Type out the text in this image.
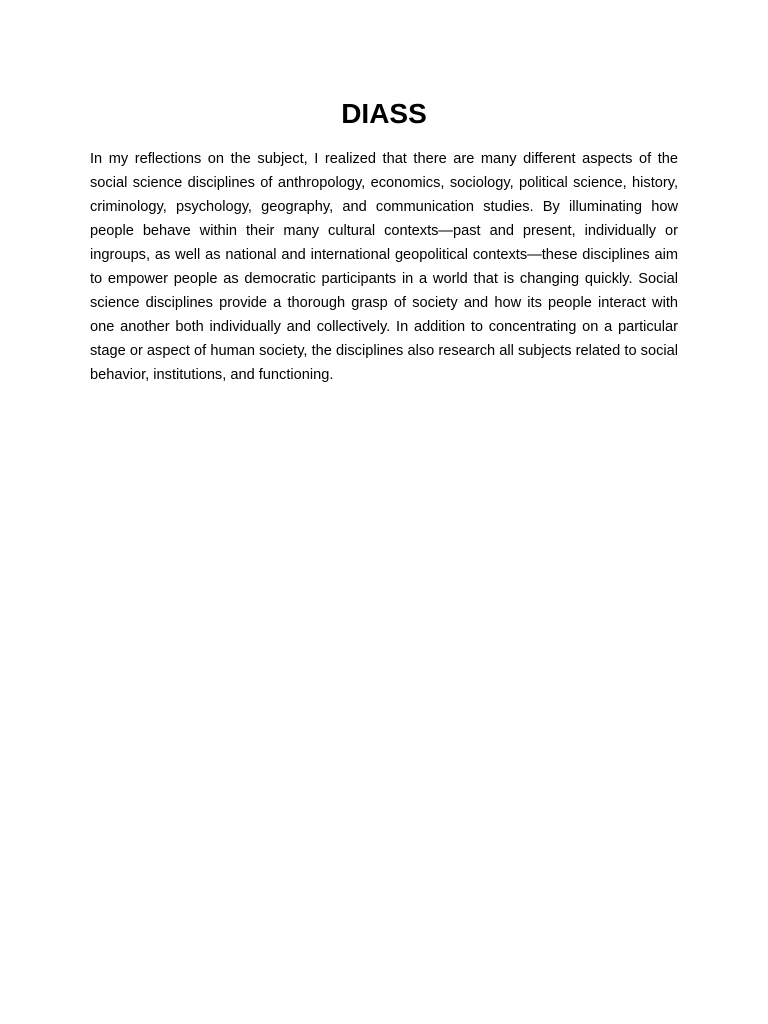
DIASS

In my reflections on the subject, I realized that there are many different aspects of the social science disciplines of anthropology, economics, sociology, political science, history, criminology, psychology, geography, and communication studies. By illuminating how people behave within their many cultural contexts—past and present, individually or ingroups, as well as national and international geopolitical contexts—these disciplines aim to empower people as democratic participants in a world that is changing quickly. Social science disciplines provide a thorough grasp of society and how its people interact with one another both individually and collectively. In addition to concentrating on a particular stage or aspect of human society, the disciplines also research all subjects related to social behavior, institutions, and functioning.
